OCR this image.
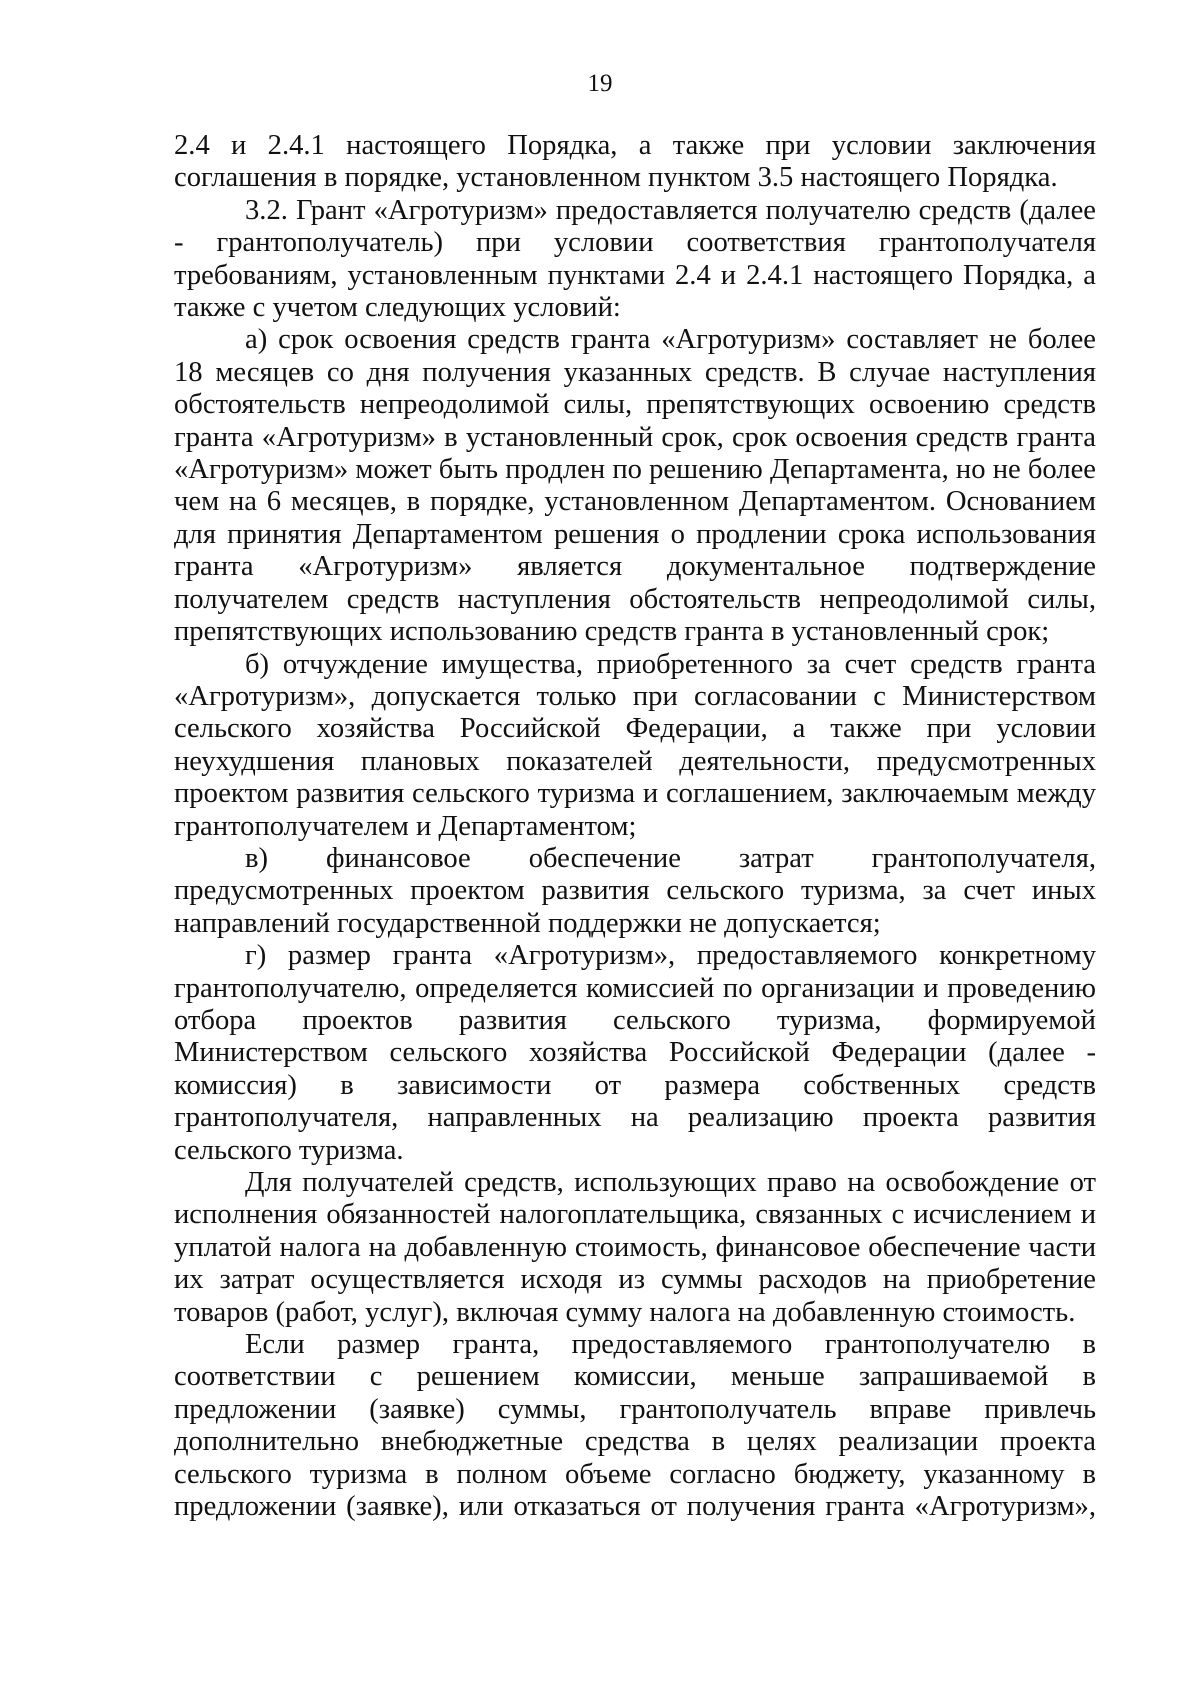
19

2.4 и 2.4.1 настоящего Порядка, а также при условии заключения соглашения в порядке, установленном пунктом 3.5 настоящего Порядка.

3.2. Грант «Агротуризм» предоставляется получателю средств (далее - грантополучатель) при условии соответствия грантополучателя требованиям, установленным пунктами 2.4 и 2.4.1 настоящего Порядка, а также с учетом следующих условий:

а) срок освоения средств гранта «Агротуризм» составляет не более 18 месяцев со дня получения указанных средств. В случае наступления обстоятельств непреодолимой силы, препятствующих освоению средств гранта «Агротуризм» в установленный срок, срок освоения средств гранта «Агротуризм» может быть продлен по решению Департамента, но не более чем на 6 месяцев, в порядке, установленном Департаментом. Основанием для принятия Департаментом решения о продлении срока использования гранта «Агротуризм» является документальное подтверждение получателем средств наступления обстоятельств непреодолимой силы, препятствующих использованию средств гранта в установленный срок;

б) отчуждение имущества, приобретенного за счет средств гранта «Агротуризм», допускается только при согласовании с Министерством сельского хозяйства Российской Федерации, а также при условии неухудшения плановых показателей деятельности, предусмотренных проектом развития сельского туризма и соглашением, заключаемым между грантополучателем и Департаментом;

в) финансовое обеспечение затрат грантополучателя, предусмотренных проектом развития сельского туризма, за счет иных направлений государственной поддержки не допускается;

г) размер гранта «Агротуризм», предоставляемого конкретному грантополучателю, определяется комиссией по организации и проведению отбора проектов развития сельского туризма, формируемой Министерством сельского хозяйства Российской Федерации (далее - комиссия) в зависимости от размера собственных средств грантополучателя, направленных на реализацию проекта развития сельского туризма.

Для получателей средств, использующих право на освобождение от исполнения обязанностей налогоплательщика, связанных с исчислением и уплатой налога на добавленную стоимость, финансовое обеспечение части их затрат осуществляется исходя из суммы расходов на приобретение товаров (работ, услуг), включая сумму налога на добавленную стоимость.

Если размер гранта, предоставляемого грантополучателю в соответствии с решением комиссии, меньше запрашиваемой в предложении (заявке) суммы, грантополучатель вправе привлечь дополнительно внебюджетные средства в целях реализации проекта сельского туризма в полном объеме согласно бюджету, указанному в предложении (заявке), или отказаться от получения гранта «Агротуризм»,
